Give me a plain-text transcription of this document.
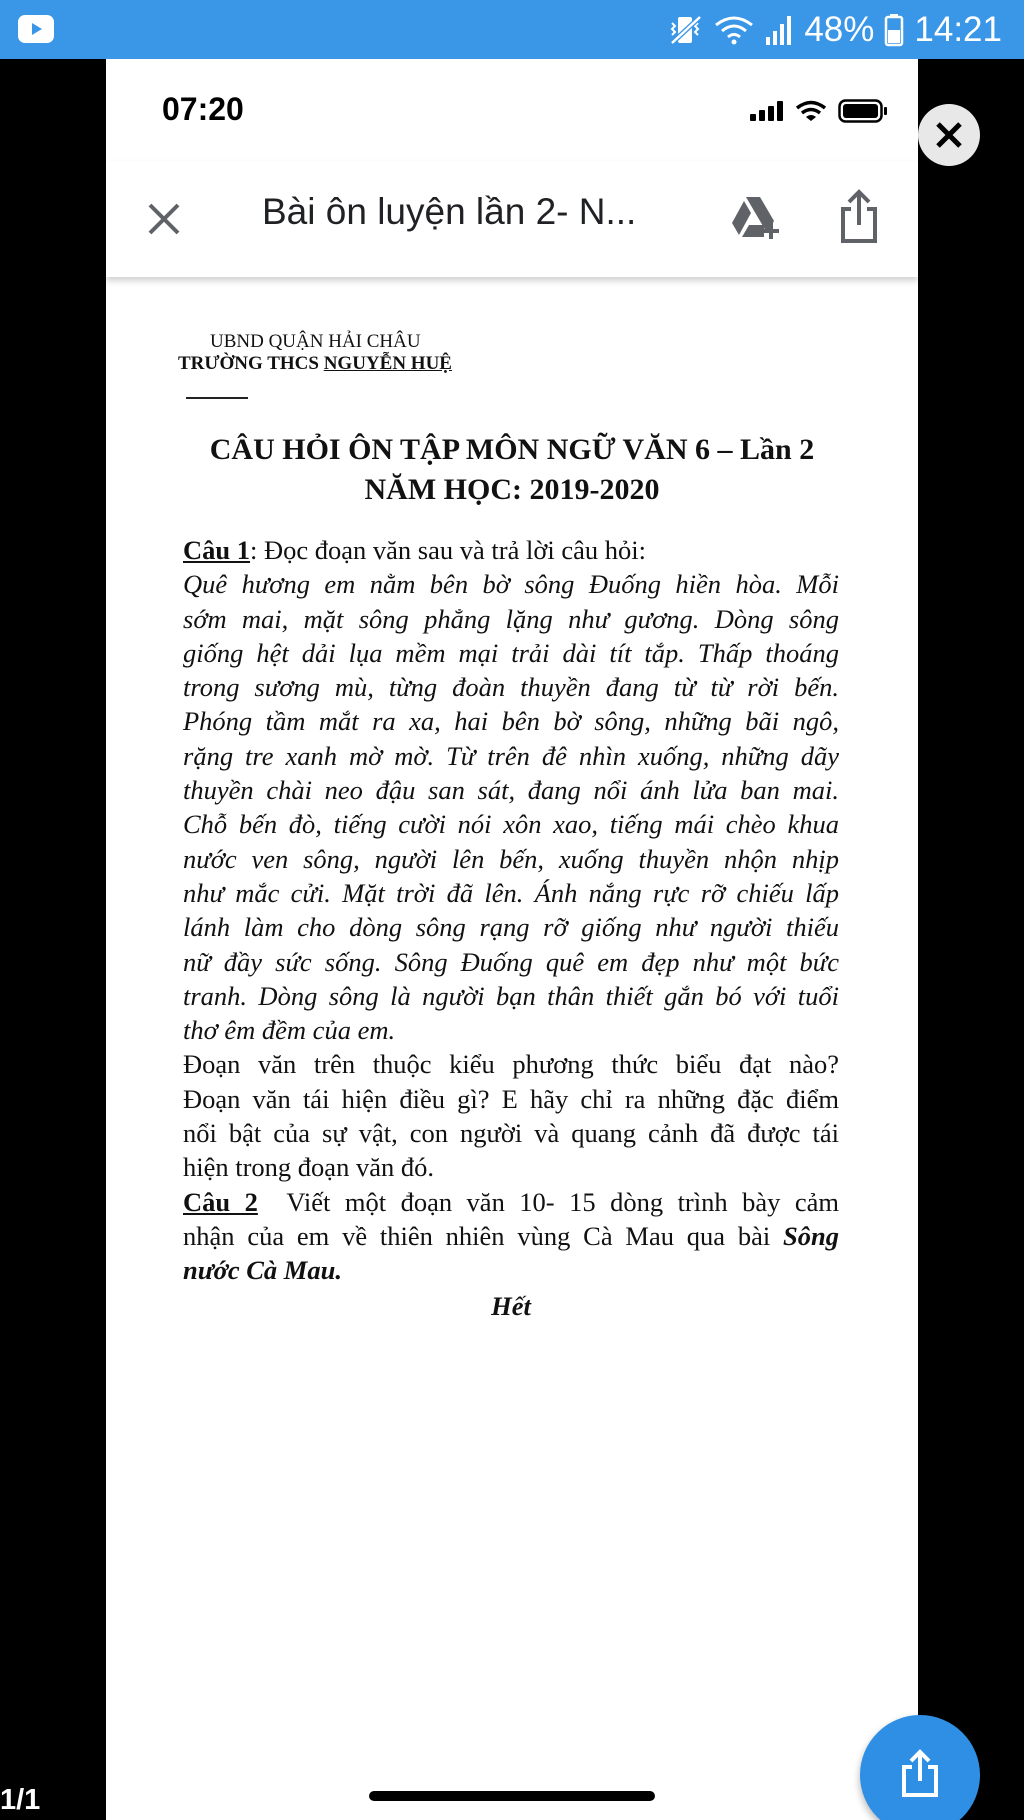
48% 14:21
07:20
Bài ôn luyện lần 2- N...
UBND QUẬN HẢI CHÂU
TRƯỜNG THCS NGUYỄN HUỆ
CÂU HỎI ÔN TẬP MÔN NGỮ VĂN 6 – Lần 2
NĂM HỌC: 2019-2020
Câu 1: Đọc đoạn văn sau và trả lời câu hỏi:
Quê hương em nằm bên bờ sông Đuống hiền hòa. Mỗi
sớm mai, mặt sông phẳng lặng như gương. Dòng sông
giống hệt dải lụa mềm mại trải dài tít tắp. Thấp thoáng
trong sương mù, từng đoàn thuyền đang từ từ rời bến.
Phóng tầm mắt ra xa, hai bên bờ sông, những bãi ngô,
rặng tre xanh mờ mờ. Từ trên đê nhìn xuống, những dãy
thuyền chài neo đậu san sát, đang nổi ánh lửa ban mai.
Chỗ bến đò, tiếng cười nói xôn xao, tiếng mái chèo khua
nước ven sông, người lên bến, xuống thuyền nhộn nhịp
như mắc cửi. Mặt trời đã lên. Ánh nắng rực rỡ chiếu lấp
lánh làm cho dòng sông rạng rỡ giống như người thiếu
nữ đầy sức sống. Sông Đuống quê em đẹp như một bức
tranh. Dòng sông là người bạn thân thiết gắn bó với tuổi
thơ êm đềm của em.
Đoạn văn trên thuộc kiểu phương thức biểu đạt nào?
Đoạn văn tái hiện điều gì? E hãy chỉ ra những đặc điểm
nổi bật của sự vật, con người và quang cảnh đã được tái
hiện trong đoạn văn đó.
Câu 2  Viết một đoạn văn 10- 15 dòng trình bày cảm
nhận của em về thiên nhiên vùng Cà Mau qua bài Sông
nước Cà Mau.
Hết
1/1
